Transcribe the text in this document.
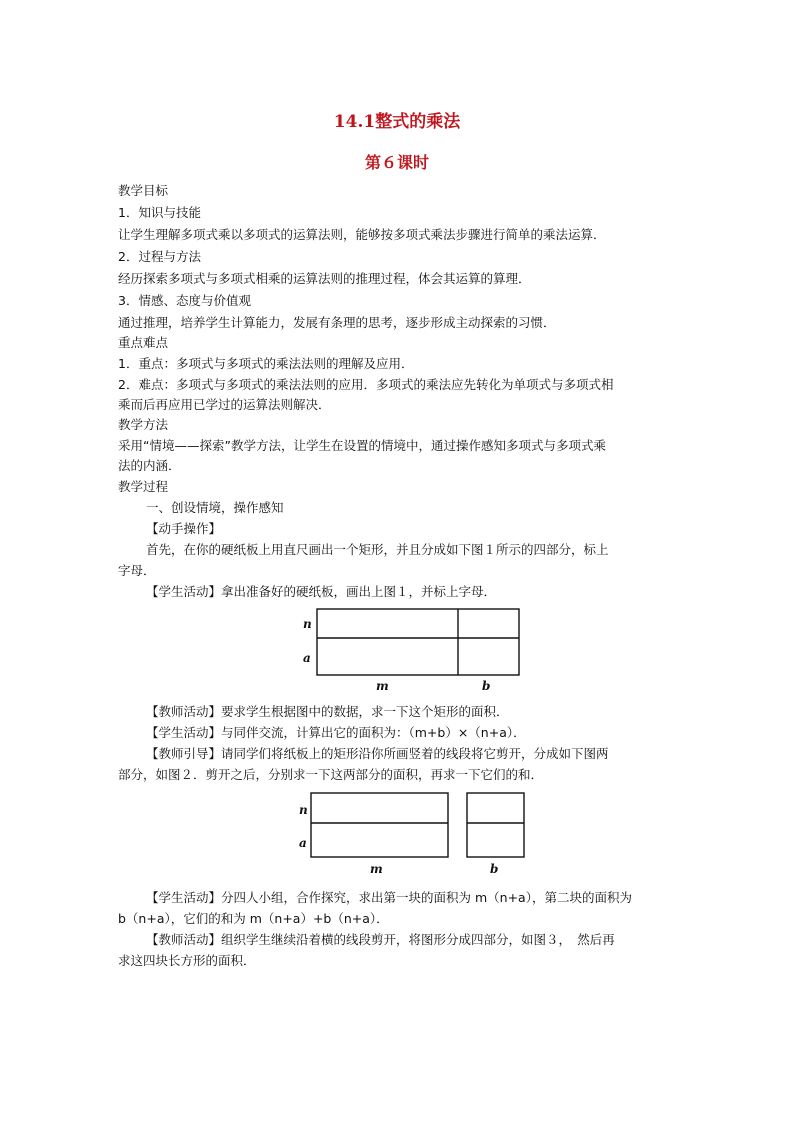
14.1整式的乘法
第６课时
教学目标
1．知识与技能
让学生理解多项式乘以多项式的运算法则，能够按多项式乘法步骤进行简单的乘法运算．
2．过程与方法
经历探索多项式与多项式相乘的运算法则的推理过程，体会其运算的算理．
3．情感、态度与价值观
通过推理，培养学生计算能力，发展有条理的思考，逐步形成主动探索的习惯．
重点难点
1．重点：多项式与多项式的乘法法则的理解及应用．
2．难点：多项式与多项式的乘法法则的应用．多项式的乘法应先转化为单项式与多项式相
乘而后再应用已学过的运算法则解决．
教学方法
采用“情境——探索”教学方法，让学生在设置的情境中，通过操作感知多项式与多项式乘
法的内涵．
教学过程
一、创设情境，操作感知
【动手操作】
首先，在你的硬纸板上用直尺画出一个矩形，并且分成如下图１所示的四部分，标上
字母．
【学生活动】拿出准备好的硬纸板，画出上图１，并标上字母．
n
a
m	b
【教师活动】要求学生根据图中的数据，求一下这个矩形的面积．
【学生活动】与同伴交流，计算出它的面积为：（m+b）×（n+a）．
【教师引导】请同学们将纸板上的矩形沿你所画竖着的线段将它剪开，分成如下图两
部分，如图２．剪开之后，分别求一下这两部分的面积，再求一下它们的和．
n
a
m	b
【学生活动】分四人小组，合作探究，求出第一块的面积为 m（n+a），第二块的面积为
b（n+a），它们的和为 m（n+a）+b（n+a）．
【教师活动】组织学生继续沿着横的线段剪开，将图形分成四部分，如图３，　然后再
求这四块长方形的面积．
